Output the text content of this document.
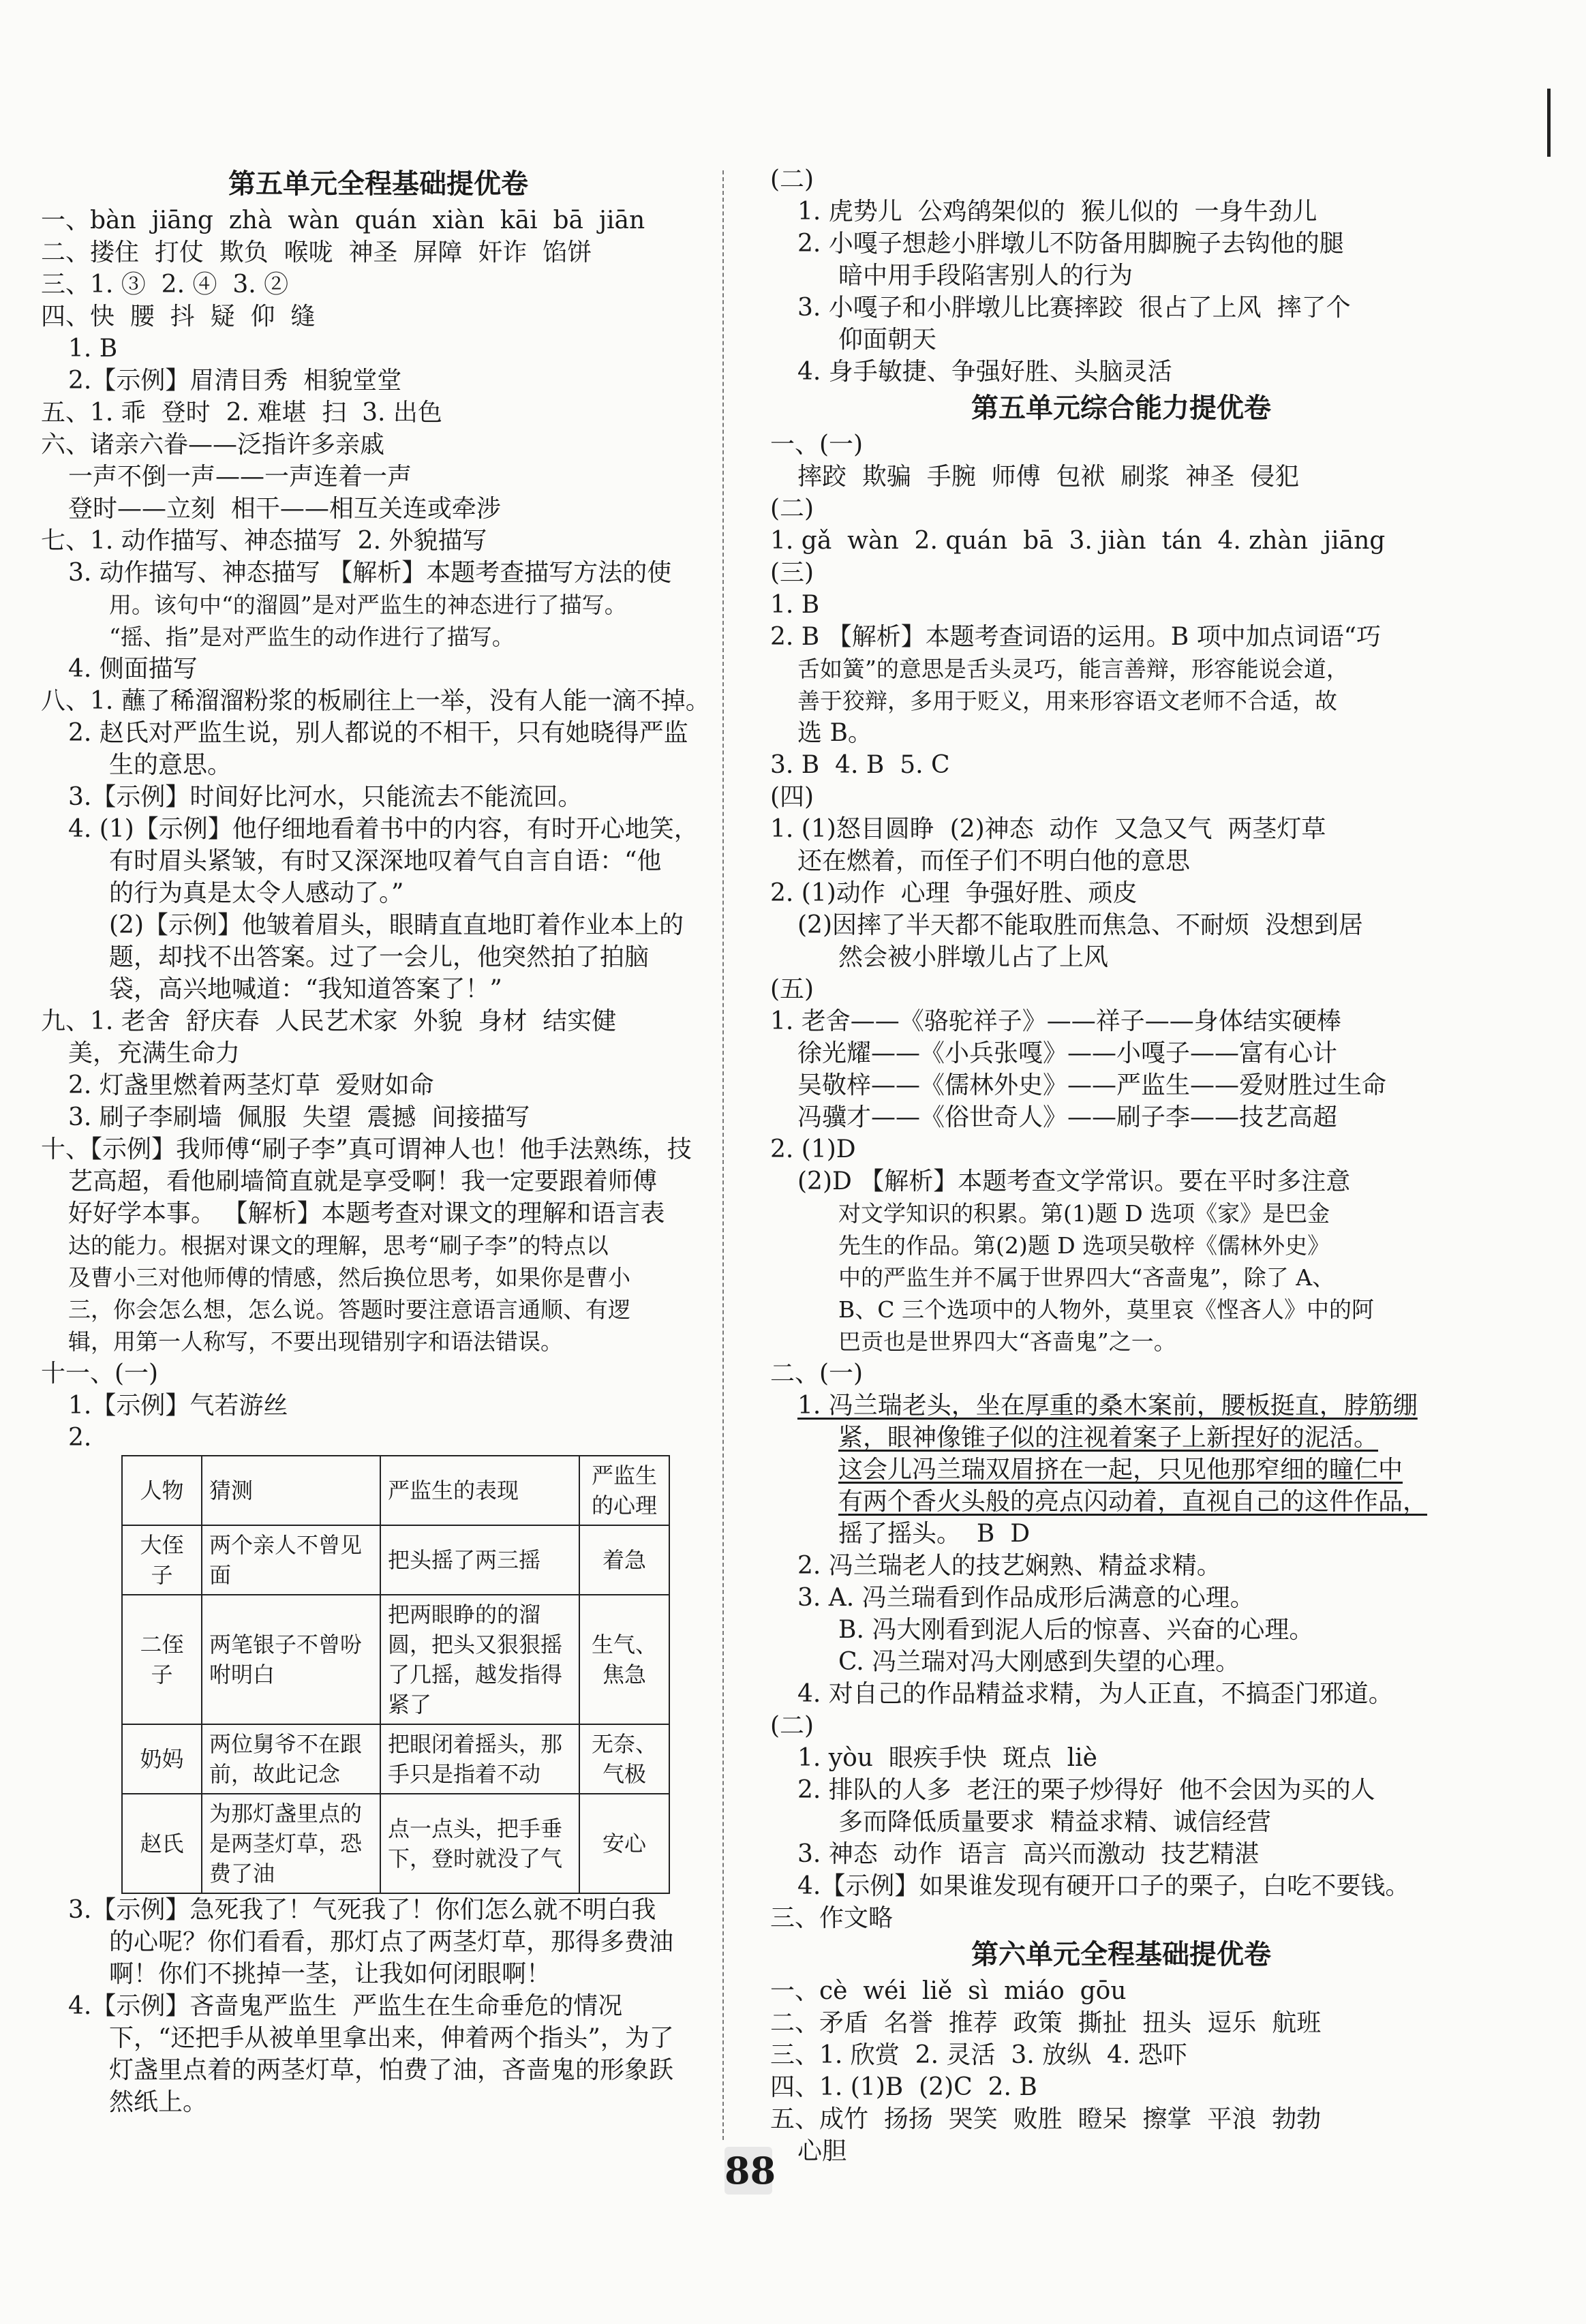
第五单元全程基础提优卷
一、bàn  jiāng  zhà  wàn  quán  xiàn  kāi  bā  jiān
二、搂住  打仗  欺负  喉咙  神圣  屏障  奸诈  馅饼
三、1. ③  2. ④  3. ②
四、快  腰  抖  疑  仰  缝
1. B
2.【示例】眉清目秀  相貌堂堂
五、1. 乖  登时  2. 难堪  扫  3. 出色
六、诸亲六眷——泛指许多亲戚
一声不倒一声——一声连着一声
登时——立刻  相干——相互关连或牵涉
七、1. 动作描写、神态描写  2. 外貌描写
3. 动作描写、神态描写 【解析】本题考查描写方法的使
用。该句中“的溜圆”是对严监生的神态进行了描写。
“摇、指”是对严监生的动作进行了描写。
4. 侧面描写
八、1. 蘸了稀溜溜粉浆的板刷往上一举，没有人能一滴不掉。
2. 赵氏对严监生说，别人都说的不相干，只有她晓得严监
生的意思。
3.【示例】时间好比河水，只能流去不能流回。
4. (1)【示例】他仔细地看着书中的内容，有时开心地笑，
有时眉头紧皱，有时又深深地叹着气自言自语：“他
的行为真是太令人感动了。”
(2)【示例】他皱着眉头，眼睛直直地盯着作业本上的
题，却找不出答案。过了一会儿，他突然拍了拍脑
袋，高兴地喊道：“我知道答案了！”
九、1. 老舍  舒庆春  人民艺术家  外貌  身材  结实健
美，充满生命力
2. 灯盏里燃着两茎灯草  爱财如命
3. 刷子李刷墙  佩服  失望  震撼  间接描写
十、【示例】我师傅“刷子李”真可谓神人也！他手法熟练，技
艺高超，看他刷墙简直就是享受啊！我一定要跟着师傅
好好学本事。 【解析】本题考查对课文的理解和语言表
达的能力。根据对课文的理解，思考“刷子李”的特点以
及曹小三对他师傅的情感，然后换位思考，如果你是曹小
三，你会怎么想，怎么说。答题时要注意语言通顺、有逻
辑，用第一人称写，不要出现错别字和语法错误。
十一、(一)
1.【示例】气若游丝
2.
人物	猜测	严监生的表现	严监生的心理
大侄子	两个亲人不曾见面	把头摇了两三摇	着急
二侄子	两笔银子不曾吩咐明白	把两眼睁的的溜圆，把头又狠狠摇了几摇，越发指得紧了	生气、焦急
奶妈	两位舅爷不在跟前，故此记念	把眼闭着摇头，那手只是指着不动	无奈、气极
赵氏	为那灯盏里点的是两茎灯草，恐费了油	点一点头，把手垂下，登时就没了气	安心
3.【示例】急死我了！气死我了！你们怎么就不明白我
的心呢？你们看看，那灯点了两茎灯草，那得多费油
啊！你们不挑掉一茎，让我如何闭眼啊！
4.【示例】吝啬鬼严监生  严监生在生命垂危的情况
下，“还把手从被单里拿出来，伸着两个指头”，为了
灯盏里点着的两茎灯草，怕费了油，吝啬鬼的形象跃
然纸上。
(二)
1. 虎势儿  公鸡鹐架似的  猴儿似的  一身牛劲儿
2. 小嘎子想趁小胖墩儿不防备用脚腕子去钩他的腿
暗中用手段陷害别人的行为
3. 小嘎子和小胖墩儿比赛摔跤  很占了上风  摔了个
仰面朝天
4. 身手敏捷、争强好胜、头脑灵活
第五单元综合能力提优卷
一、(一)
摔跤  欺骗  手腕  师傅  包袱  刷浆  神圣  侵犯
(二)
1. gǎ  wàn  2. quán  bā  3. jiàn  tán  4. zhàn  jiāng
(三)
1. B
2. B 【解析】本题考查词语的运用。B 项中加点词语“巧
舌如簧”的意思是舌头灵巧，能言善辩，形容能说会道，
善于狡辩，多用于贬义，用来形容语文老师不合适，故
选 B。
3. B  4. B  5. C
(四)
1. (1)怒目圆睁  (2)神态  动作  又急又气  两茎灯草
还在燃着，而侄子们不明白他的意思
2. (1)动作  心理  争强好胜、顽皮
(2)因摔了半天都不能取胜而焦急、不耐烦  没想到居
然会被小胖墩儿占了上风
(五)
1. 老舍——《骆驼祥子》——祥子——身体结实硬棒
徐光耀——《小兵张嘎》——小嘎子——富有心计
吴敬梓——《儒林外史》——严监生——爱财胜过生命
冯骥才——《俗世奇人》——刷子李——技艺高超
2. (1)D
(2)D 【解析】本题考查文学常识。要在平时多注意
对文学知识的积累。第(1)题 D 选项《家》是巴金
先生的作品。第(2)题 D 选项吴敬梓《儒林外史》
中的严监生并不属于世界四大“吝啬鬼”，除了 A、
B、C 三个选项中的人物外，莫里哀《悭吝人》中的阿
巴贡也是世界四大“吝啬鬼”之一。
二、(一)
1. 冯兰瑞老头，坐在厚重的桑木案前，腰板挺直，脖筋绷
紧，眼神像锥子似的注视着案子上新捏好的泥活。
这会儿冯兰瑞双眉挤在一起，只见他那窄细的瞳仁中
有两个香火头般的亮点闪动着，直视自己的这件作品，
摇了摇头。  B  D
2. 冯兰瑞老人的技艺娴熟、精益求精。
3. A. 冯兰瑞看到作品成形后满意的心理。
B. 冯大刚看到泥人后的惊喜、兴奋的心理。
C. 冯兰瑞对冯大刚感到失望的心理。
4. 对自己的作品精益求精，为人正直，不搞歪门邪道。
(二)
1. yòu  眼疾手快  斑点  liè
2. 排队的人多  老汪的栗子炒得好  他不会因为买的人
多而降低质量要求  精益求精、诚信经营
3. 神态  动作  语言  高兴而激动  技艺精湛
4.【示例】如果谁发现有硬开口子的栗子，白吃不要钱。
三、作文略
第六单元全程基础提优卷
一、cè  wéi  liě  sì  miáo  gōu
二、矛盾  名誉  推荐  政策  撕扯  扭头  逗乐  航班
三、1. 欣赏  2. 灵活  3. 放纵  4. 恐吓
四、1. (1)B  (2)C  2. B
五、成竹  扬扬  哭笑  败胜  瞪呆  擦掌  平浪  勃勃
心胆
88
